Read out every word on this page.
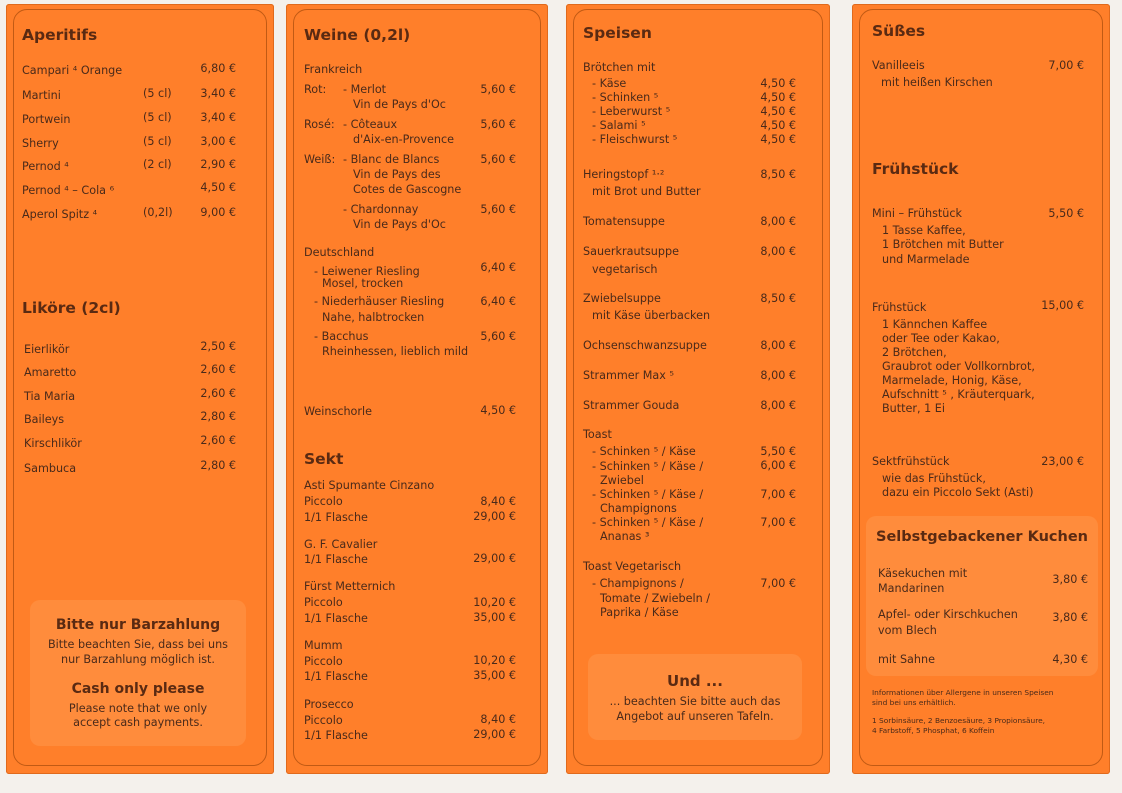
Aperitifs
Campari ⁴ Orange	6,80 €
Martini	(5 cl)	3,40 €
Portwein	(5 cl)	3,40 €
Sherry	(5 cl)	3,00 €
Pernod ⁴	(2 cl)	2,90 €
Pernod ⁴ – Cola ⁶	4,50 €
Aperol Spitz ⁴	(0,2l)	9,00 €
Liköre (2cl)
Eierlikör	2,50 €
Amaretto	2,60 €
Tia Maria	2,60 €
Baileys	2,80 €
Kirschlikör	2,60 €
Sambuca	2,80 €
Bitte nur Barzahlung
Bitte beachten Sie, dass bei uns
nur Barzahlung möglich ist.
Cash only please
Please note that we only
accept cash payments.
Weine (0,2l)
Frankreich
Rot: - Merlot
Vin de Pays d'Oc
5,60 €
Rosé: - Côteaux
d'Aix-en-Provence
5,60 €
Weiß: - Blanc de Blancs
Vin de Pays des
Cotes de Gascogne
5,60 €
- Chardonnay
Vin de Pays d'Oc
5,60 €
Deutschland
- Leiwener Riesling
Mosel, trocken
6,40 €
- Niederhäuser Riesling
Nahe, halbtrocken
6,40 €
- Bacchus
Rheinhessen, lieblich mild
5,60 €
Weinschorle	4,50 €
Sekt
Asti Spumante Cinzano
Piccolo	8,40 €
1/1 Flasche	29,00 €
G. F. Cavalier
1/1 Flasche	29,00 €
Fürst Metternich
Piccolo	10,20 €
1/1 Flasche	35,00 €
Mumm
Piccolo	10,20 €
1/1 Flasche	35,00 €
Prosecco
Piccolo	8,40 €
1/1 Flasche	29,00 €
Speisen
Brötchen mit
- Käse	4,50 €
- Schinken ⁵	4,50 €
- Leberwurst ⁵	4,50 €
- Salami ⁵	4,50 €
- Fleischwurst ⁵	4,50 €
Heringstopf ¹·²
mit Brot und Butter
8,50 €
Tomatensuppe	8,00 €
Sauerkrautsuppe
vegetarisch
8,00 €
Zwiebelsuppe
mit Käse überbacken
8,50 €
Ochsenschwanzsuppe	8,00 €
Strammer Max ⁵	8,00 €
Strammer Gouda	8,00 €
Toast
- Schinken ⁵ / Käse	5,50 €
- Schinken ⁵ / Käse /
Zwiebel
6,00 €
- Schinken ⁵ / Käse /
Champignons
7,00 €
- Schinken ⁵ / Käse /
Ananas ³
7,00 €
Toast Vegetarisch
- Champignons /
Tomate / Zwiebeln /
Paprika / Käse
7,00 €
Und ...
... beachten Sie bitte auch das
Angebot auf unseren Tafeln.
Süßes
Vanilleeis
mit heißen Kirschen
7,00 €
Frühstück
Mini – Frühstück	5,50 €
1 Tasse Kaffee,
1 Brötchen mit Butter
und Marmelade
Frühstück	15,00 €
1 Kännchen Kaffee
oder Tee oder Kakao,
2 Brötchen,
Graubrot oder Vollkornbrot,
Marmelade, Honig, Käse,
Aufschnitt ⁵ , Kräuterquark,
Butter, 1 Ei
Sektfrühstück	23,00 €
wie das Frühstück,
dazu ein Piccolo Sekt (Asti)
Selbstgebackener Kuchen
Käsekuchen mit
Mandarinen
3,80 €
Apfel- oder Kirschkuchen
vom Blech
3,80 €
mit Sahne	4,30 €
Informationen über Allergene in unseren Speisen
sind bei uns erhältlich.
1 Sorbinsäure, 2 Benzoesäure, 3 Propionsäure,
4 Farbstoff, 5 Phosphat, 6 Koffein
